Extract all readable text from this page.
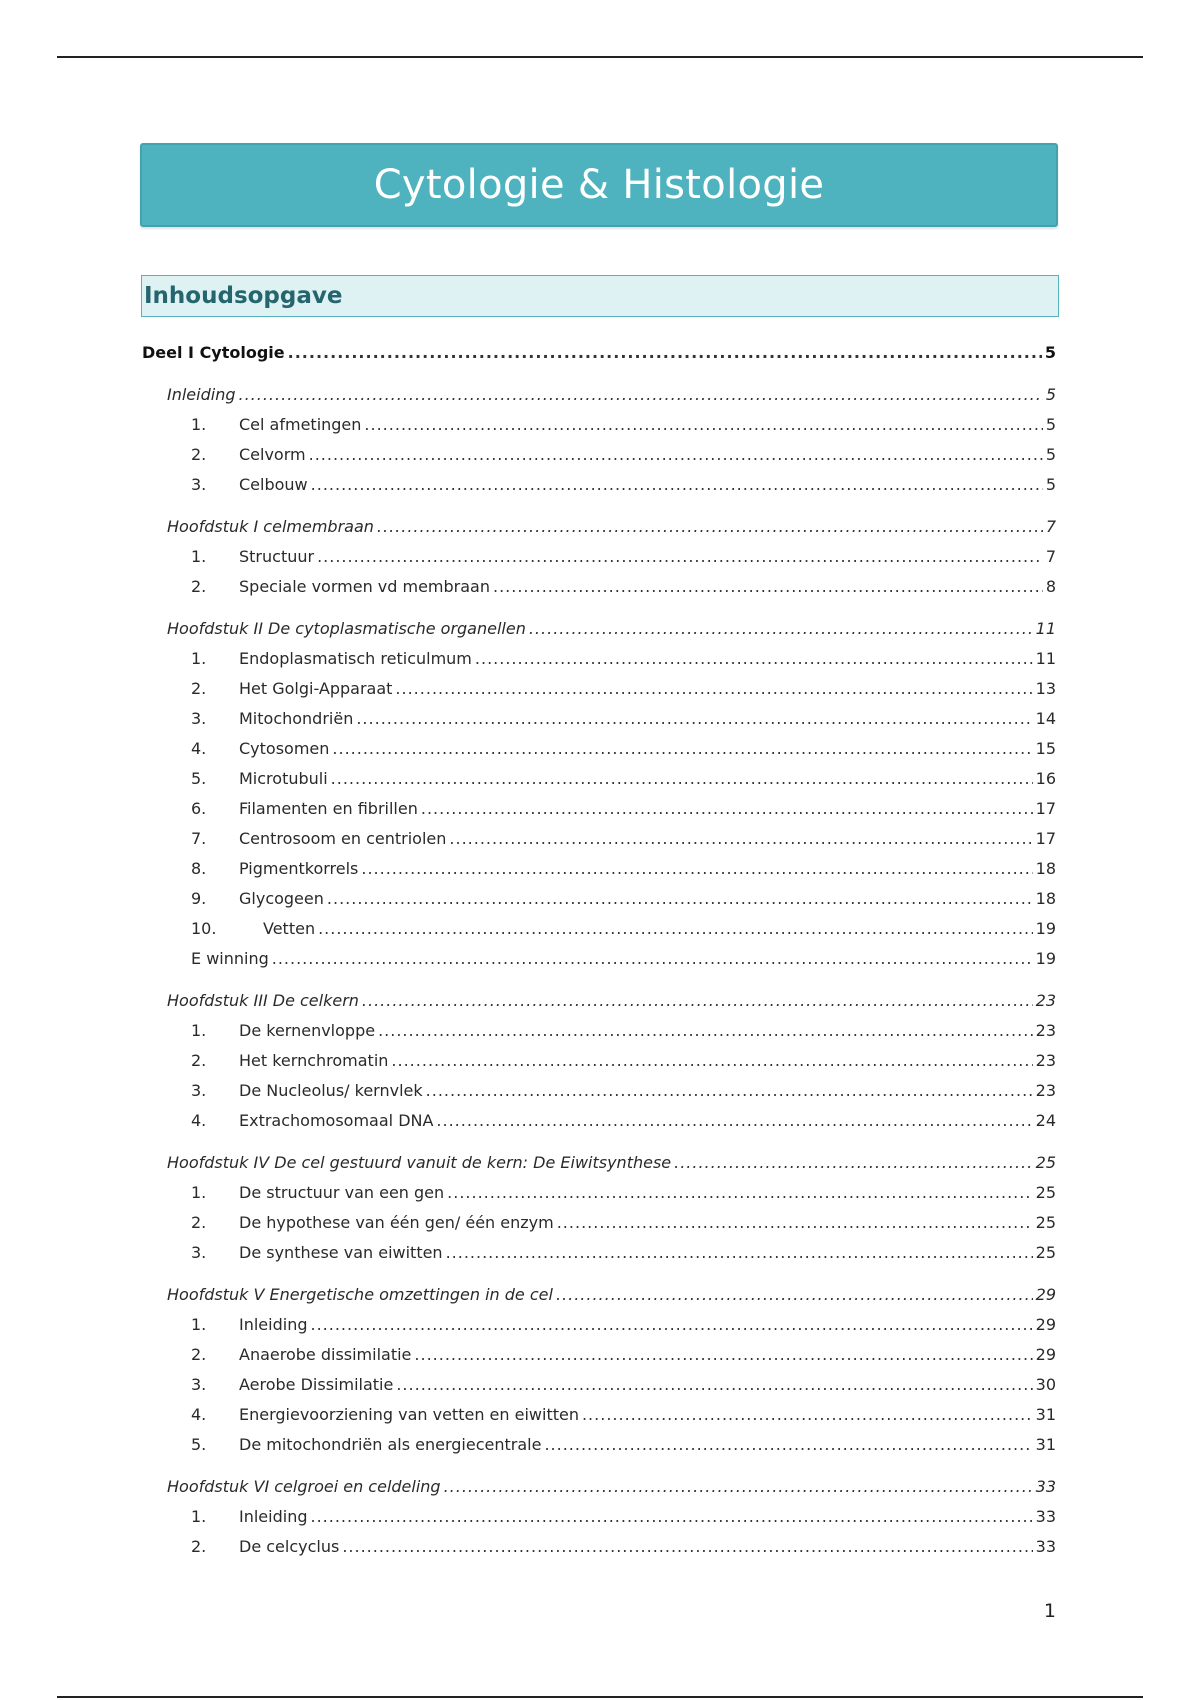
Cytologie & Histologie
Inhoudsopgave
Deel I Cytologie .....	5
Inleiding .....	5
1.	Cel afmetingen .....	5
2.	Celvorm .....	5
3.	Celbouw .....	5
Hoofdstuk I celmembraan .....	7
1.	Structuur .....	7
2.	Speciale vormen vd membraan .....	8
Hoofdstuk II De cytoplasmatische organellen .....	11
1.	Endoplasmatisch reticulmum .....	11
2.	Het Golgi-Apparaat .....	13
3.	Mitochondriën .....	14
4.	Cytosomen .....	15
5.	Microtubuli .....	16
6.	Filamenten en fibrillen .....	17
7.	Centrosoom en centriolen .....	17
8.	Pigmentkorrels .....	18
9.	Glycogeen .....	18
10.	Vetten .....	19
E winning .....	19
Hoofdstuk III De celkern .....	23
1.	De kernenvloppe .....	23
2.	Het kernchromatin .....	23
3.	De Nucleolus/ kernvlek .....	23
4.	Extrachomosomaal DNA .....	24
Hoofdstuk IV De cel gestuurd vanuit de kern: De Eiwitsynthese .....	25
1.	De structuur van een gen .....	25
2.	De hypothese van één gen/ één enzym .....	25
3.	De synthese van eiwitten .....	25
Hoofdstuk V Energetische omzettingen in de cel .....	29
1.	Inleiding .....	29
2.	Anaerobe dissimilatie .....	29
3.	Aerobe Dissimilatie .....	30
4.	Energievoorziening van vetten en eiwitten .....	31
5.	De mitochondriën als energiecentrale .....	31
Hoofdstuk VI celgroei en celdeling .....	33
1.	Inleiding .....	33
2.	De celcyclus .....	33
1
